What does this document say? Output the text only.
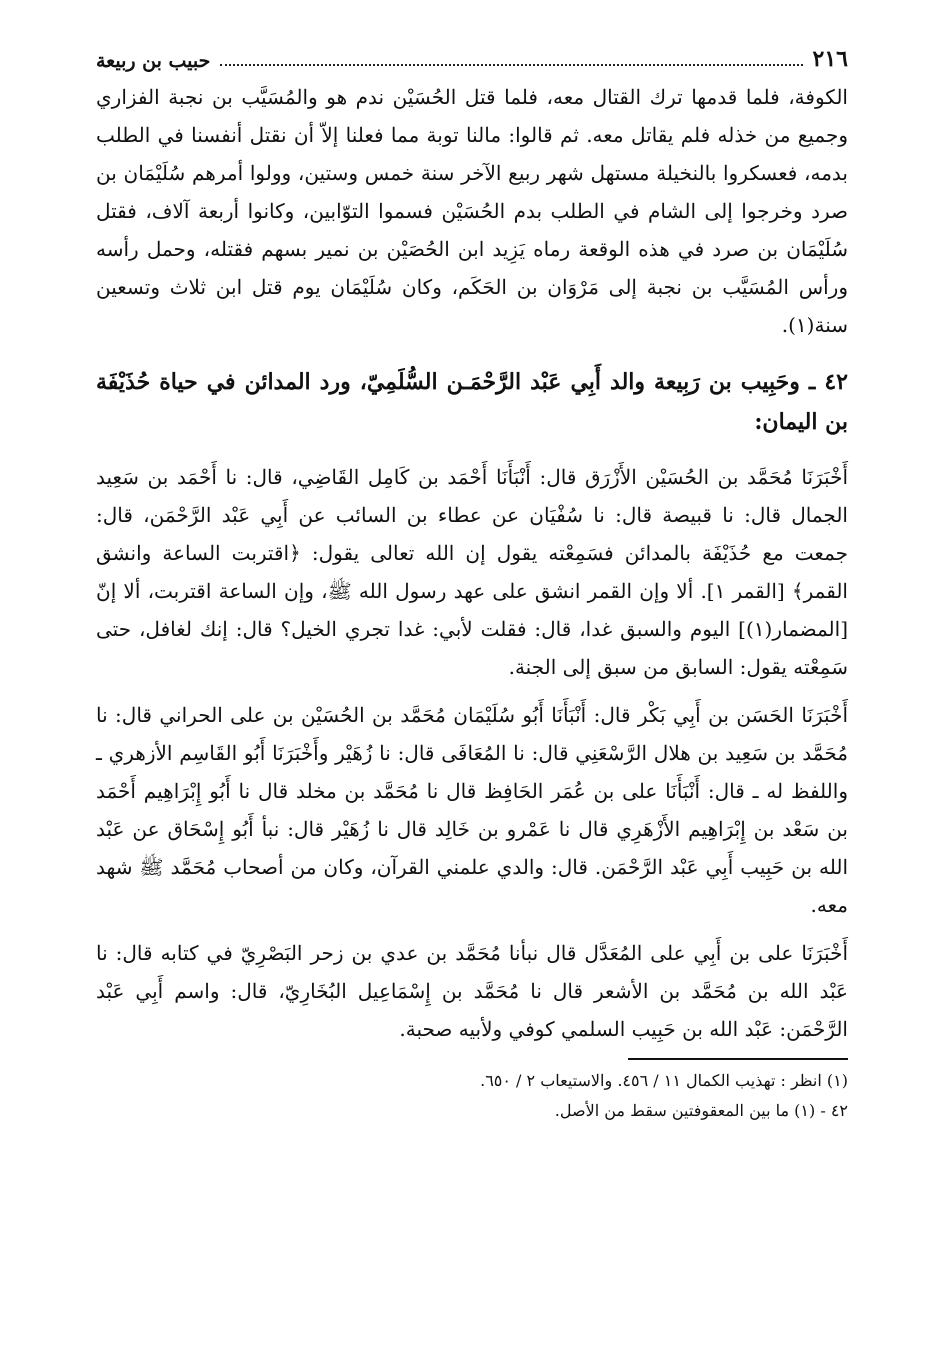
٢١٦
حبيب بن ربيعة

الكوفة، فلما قدمها ترك القتال معه، فلما قتل الحُسَيْن ندم هو والمُسَيَّب بن نجبة الفزاري وجميع من خذله فلم يقاتل معه. ثم قالوا: مالنا توبة مما فعلنا إلاّ أن نقتل أنفسنا في الطلب بدمه، فعسكروا بالنخيلة مستهل شهر ربيع الآخر سنة خمس وستين، وولوا أمرهم سُلَيْمَان بن صرد وخرجوا إلى الشام في الطلب بدم الحُسَيْن فسموا التوّابين، وكانوا أربعة آلاف، فقتل سُلَيْمَان بن صرد في هذه الوقعة رماه يَزِيد ابن الحُصَيْن بن نمير بسهم فقتله، وحمل رأسه ورأس المُسَيَّب بن نجبة إلى مَرْوَان بن الحَكَم، وكان سُلَيْمَان يوم قتل ابن ثلاث وتسعين سنة(١).

٤٢ ـ وحَبِيب بن رَبِيعة والد أَبِي عَبْد الرَّحْمَـن السُّلَمِيّ، ورد المدائن في حياة حُذَيْفَة بن اليمان:

أَخْبَرَنَا مُحَمَّد بن الحُسَيْن الأَزْرَق قال: أَنْبَأَنَا أَحْمَد بن كَامِل القَاضِي، قال: نا أَحْمَد بن سَعِيد الجمال قال: نا قبيصة قال: نا سُفْيَان عن عطاء بن السائب عن أَبِي عَبْد الرَّحْمَن، قال: جمعت مع حُذَيْفَة بالمدائن فسَمِعْته يقول إن الله تعالى يقول: ﴿اقتربت الساعة وانشق القمر﴾ [القمر ١]. ألا وإن القمر انشق على عهد رسول الله ﷺ، وإن الساعة اقتربت، ألا إنّ [المضمار(١)] اليوم والسبق غدا، قال: فقلت لأبي: غدا تجري الخيل؟ قال: إنك لغافل، حتى سَمِعْته يقول: السابق من سبق إلى الجنة.

أَخْبَرَنَا الحَسَن بن أَبِي بَكْر قال: أَنْبَأَنَا أَبُو سُلَيْمَان مُحَمَّد بن الحُسَيْن بن على الحراني قال: نا مُحَمَّد بن سَعِيد بن هلال الرَّسْعَنِي قال: نا المُعَافَى قال: نا زُهَيْر وأَخْبَرَنَا أَبُو القَاسِم الأزهري ـ واللفظ له ـ قال: أَنْبَأَنَا على بن عُمَر الحَافِظ قال نا مُحَمَّد بن مخلد قال نا أَبُو إِبْرَاهِيم أَحْمَد بن سَعْد بن إِبْرَاهِيم الأَزْهَرِي قال نا عَمْرو بن خَالِد قال نا زُهَيْر قال: نبأ أَبُو إِسْحَاق عن عَبْد الله بن حَبِيب أَبِي عَبْد الرَّحْمَن. قال: والدي علمني القرآن، وكان من أصحاب مُحَمَّد ﷺ شهد معه.

أَخْبَرَنَا على بن أَبِي على المُعَدَّل قال نبأنا مُحَمَّد بن عدي بن زحر البَصْرِيّ في كتابه قال: نا عَبْد الله بن مُحَمَّد بن الأشعر قال نا مُحَمَّد بن إِسْمَاعِيل البُخَارِيّ، قال: واسم أَبِي عَبْد الرَّحْمَن: عَبْد الله بن حَبِيب السلمي كوفي ولأبيه صحبة.

(١) انظر : تهذيب الكمال ١١ / ٤٥٦. والاستيعاب ٢ / ٦٥٠.

٤٢ - (١) ما بين المعقوفتين سقط من الأصل.
